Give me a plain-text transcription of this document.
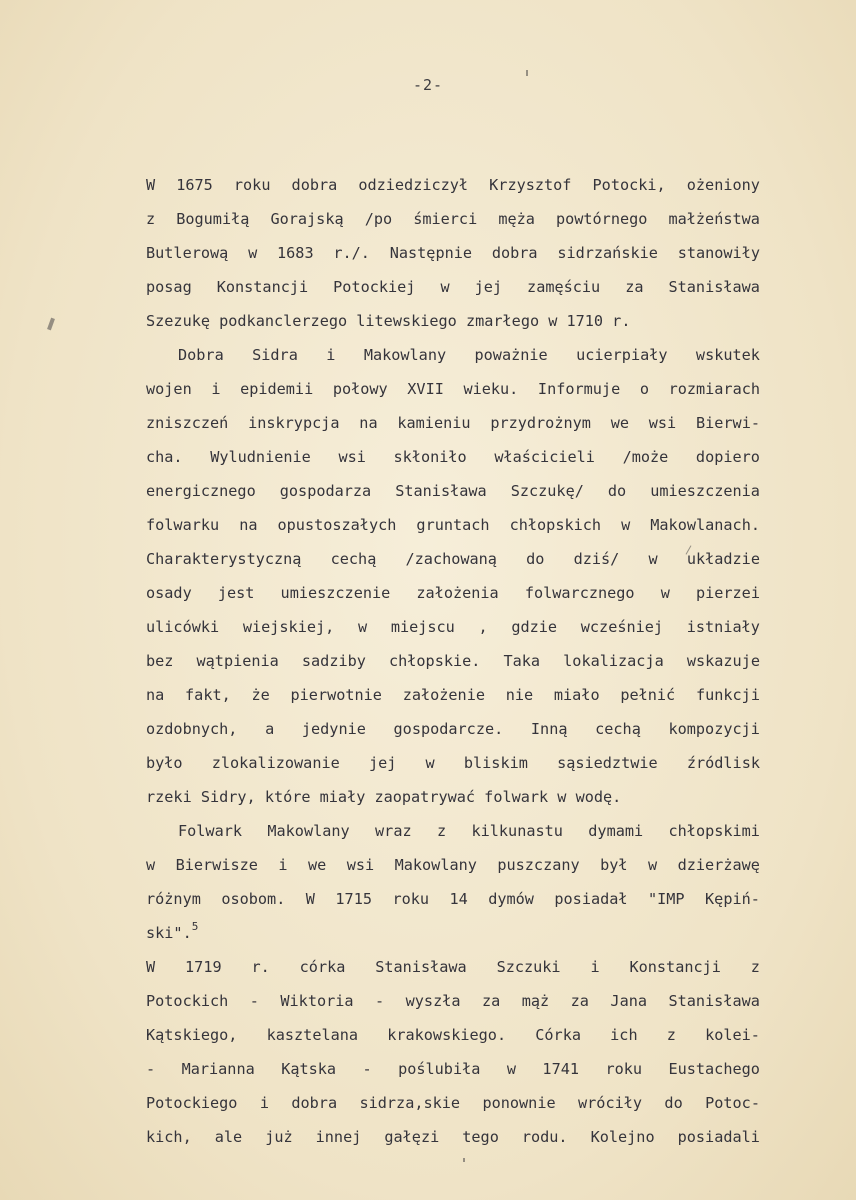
-2-
W 1675 roku dobra odziedziczył Krzysztof Potocki, ożeniony
z Bogumiłą Gorajską /po śmierci męża powtórnego małżeństwa
Butlerową w 1683 r./. Następnie dobra sidrzańskie stanowiły
posag Konstancji Potockiej w jej zamęściu za Stanisława
Szezukę podkanclerzego litewskiego zmarłego w 1710 r.
Dobra Sidra i Makowlany poważnie ucierpiały wskutek
wojen i epidemii połowy XVII wieku. Informuje o rozmiarach
zniszczeń inskrypcja na kamieniu przydrożnym we wsi Bierwi-
cha. Wyludnienie wsi skłoniło właścicieli /może dopiero
energicznego gospodarza Stanisława Szczukę/ do umieszczenia
folwarku na opustoszałych gruntach chłopskich w Makowlanach.
Charakterystyczną cechą /zachowaną do dziś/ w układzie
osady jest umieszczenie założenia folwarcznego w pierzei
ulicówki wiejskiej, w miejscu , gdzie wcześniej istniały
bez wątpienia sadziby chłopskie. Taka lokalizacja wskazuje
na fakt, że pierwotnie założenie nie miało pełnić funkcji
ozdobnych, a jedynie gospodarcze. Inną cechą kompozycji
było zlokalizowanie jej w bliskim sąsiedztwie źródlisk
rzeki Sidry, które miały zaopatrywać folwark w wodę.
Folwark Makowlany wraz z kilkunastu dymami chłopskimi
w Bierwisze i we wsi Makowlany puszczany był w dzierżawę
różnym osobom. W 1715 roku 14 dymów posiadał "IMP Kępiń-
ski".$^5$
W 1719 r. córka Stanisława Szczuki i Konstancji z
Potockich - Wiktoria - wyszła za mąż za Jana Stanisława
Kątskiego, kasztelana krakowskiego. Córka ich z kolei-
- Marianna Kątska - poślubiła w 1741 roku Eustachego
Potockiego i dobra sidrza,skie ponownie wróciły do Potoc-
kich, ale już innej gałęzi tego rodu. Kolejno posiadali
